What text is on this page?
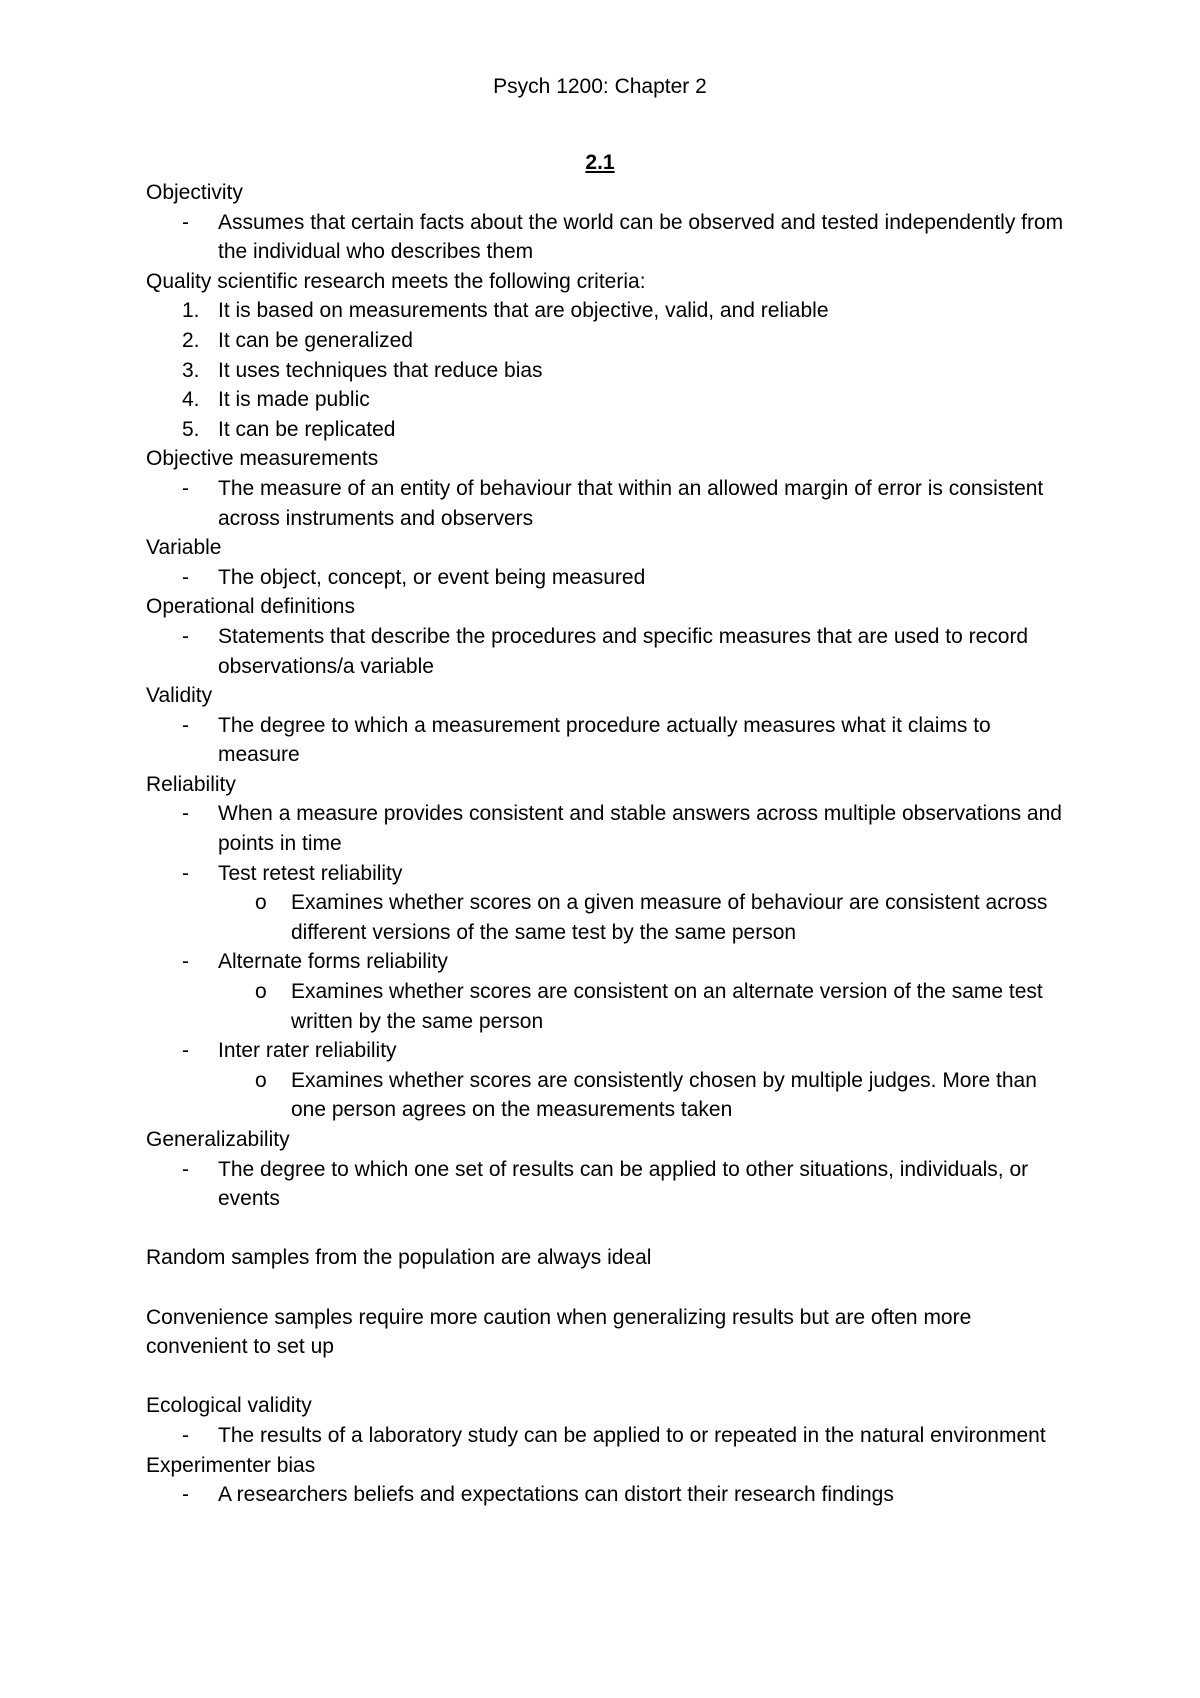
Psych 1200: Chapter 2
2.1
Objectivity
- Assumes that certain facts about the world can be observed and tested independently from the individual who describes them
Quality scientific research meets the following criteria:
1. It is based on measurements that are objective, valid, and reliable
2. It can be generalized
3. It uses techniques that reduce bias
4. It is made public
5. It can be replicated
Objective measurements
- The measure of an entity of behaviour that within an allowed margin of error is consistent across instruments and observers
Variable
- The object, concept, or event being measured
Operational definitions
- Statements that describe the procedures and specific measures that are used to record observations/a variable
Validity
- The degree to which a measurement procedure actually measures what it claims to measure
Reliability
- When a measure provides consistent and stable answers across multiple observations and points in time
- Test retest reliability
o Examines whether scores on a given measure of behaviour are consistent across different versions of the same test by the same person
- Alternate forms reliability
o Examines whether scores are consistent on an alternate version of the same test written by the same person
- Inter rater reliability
o Examines whether scores are consistently chosen by multiple judges. More than one person agrees on the measurements taken
Generalizability
- The degree to which one set of results can be applied to other situations, individuals, or events
Random samples from the population are always ideal
Convenience samples require more caution when generalizing results but are often more convenient to set up
Ecological validity
- The results of a laboratory study can be applied to or repeated in the natural environment
Experimenter bias
- A researchers beliefs and expectations can distort their research findings
